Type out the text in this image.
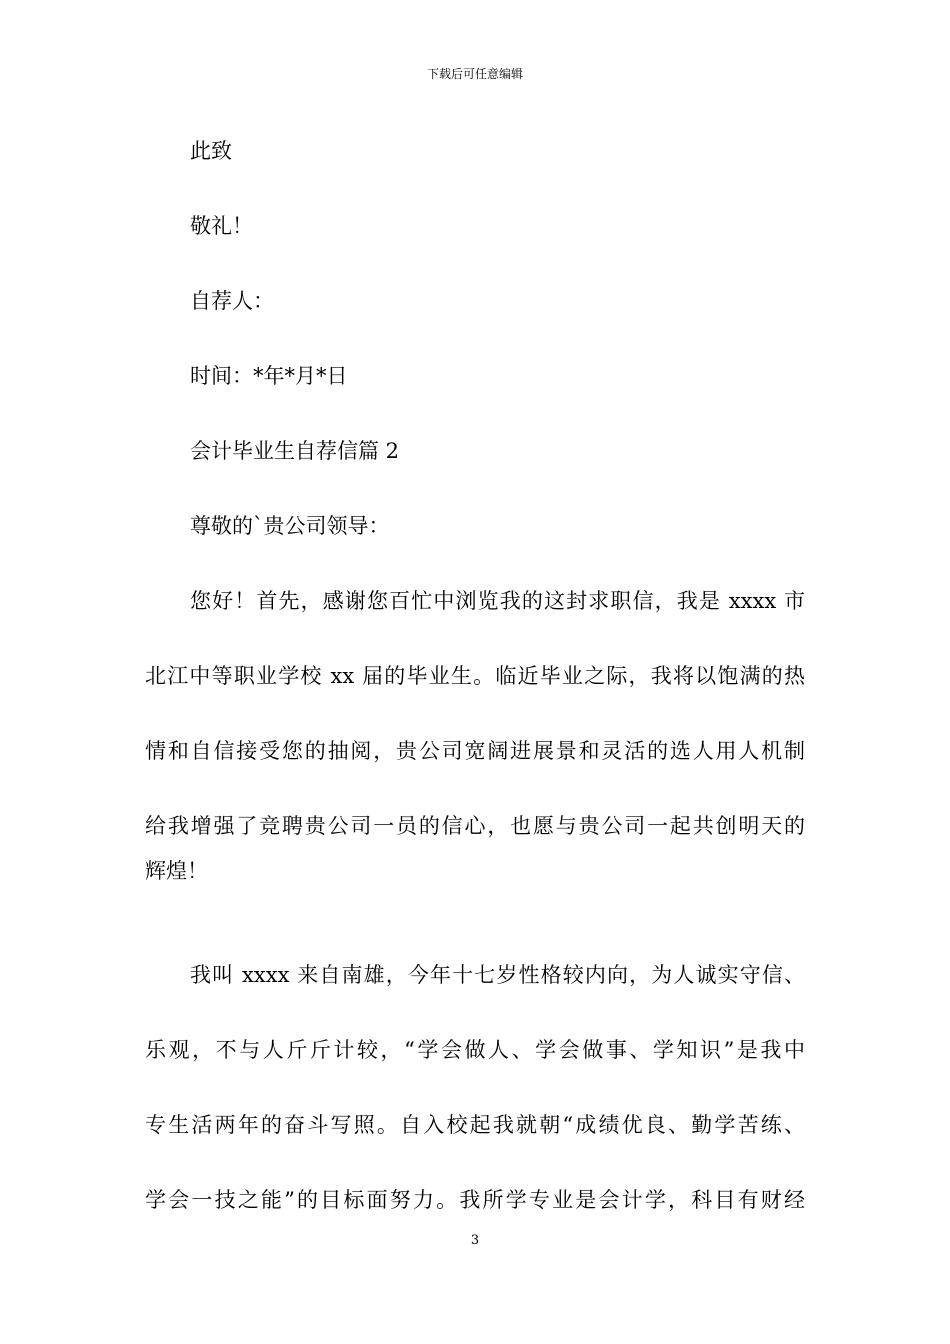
下载后可任意编辑
此致
敬礼！
自荐人：
时间：*年*月*日
会计毕业生自荐信篇 2
尊敬的`贵公司领导：
您好！首先，感谢您百忙中浏览我的这封求职信，我是 xxxx 市
北江中等职业学校 xx 届的毕业生。临近毕业之际，我将以饱满的热
情和自信接受您的抽阅，贵公司宽阔进展景和灵活的选人用人机制
给我增强了竞聘贵公司一员的信心，也愿与贵公司一起共创明天的
辉煌！
我叫 xxxx 来自南雄，今年十七岁性格较内向，为人诚实守信、
乐观，不与人斤斤计较，“学会做人、学会做事、学知识”是我中
专生活两年的奋斗写照。自入校起我就朝“成绩优良、勤学苦练、
学会一技之能”的目标面努力。我所学专业是会计学，科目有财经
3
